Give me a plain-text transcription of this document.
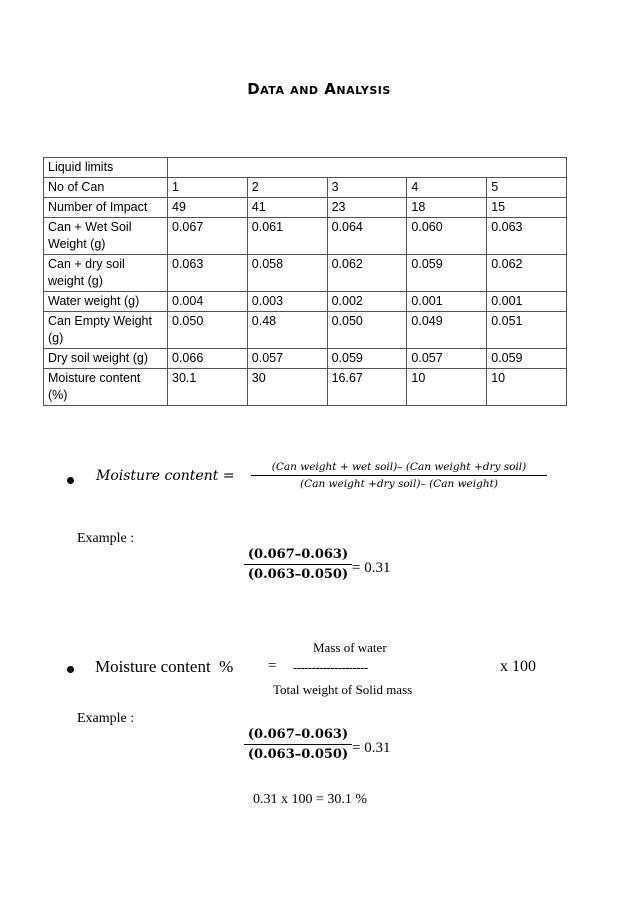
Data and Analysis
Liquid limits					
No of Can	1	2	3	4	5
Number of Impact	49	41	23	18	15
Can + Wet Soil Weight (g)	0.067	0.061	0.064	0.060	0.063
Can + dry soil weight (g)	0.063	0.058	0.062	0.059	0.062
Water weight (g)	0.004	0.003	0.002	0.001	0.001
Can Empty Weight (g)	0.050	0.48	0.050	0.049	0.051
Dry soil weight (g)	0.066	0.057	0.059	0.057	0.059
Moisture content (%)	30.1	30	16.67	10	10
Moisture content =
(Can weight + wet soil)– (Can weight +dry soil)
(Can weight +dry soil)– (Can weight)
Example :
$\frac{(0.067-0.063)}{(0.063-0.050)} = 0.31$
Mass of water
Moisture content  % = --------------------	x 100
Total weight of Solid mass
Example :
$\frac{(0.067-0.063)}{(0.063-0.050)} = 0.31$
0.31 x 100 = 30.1 %
